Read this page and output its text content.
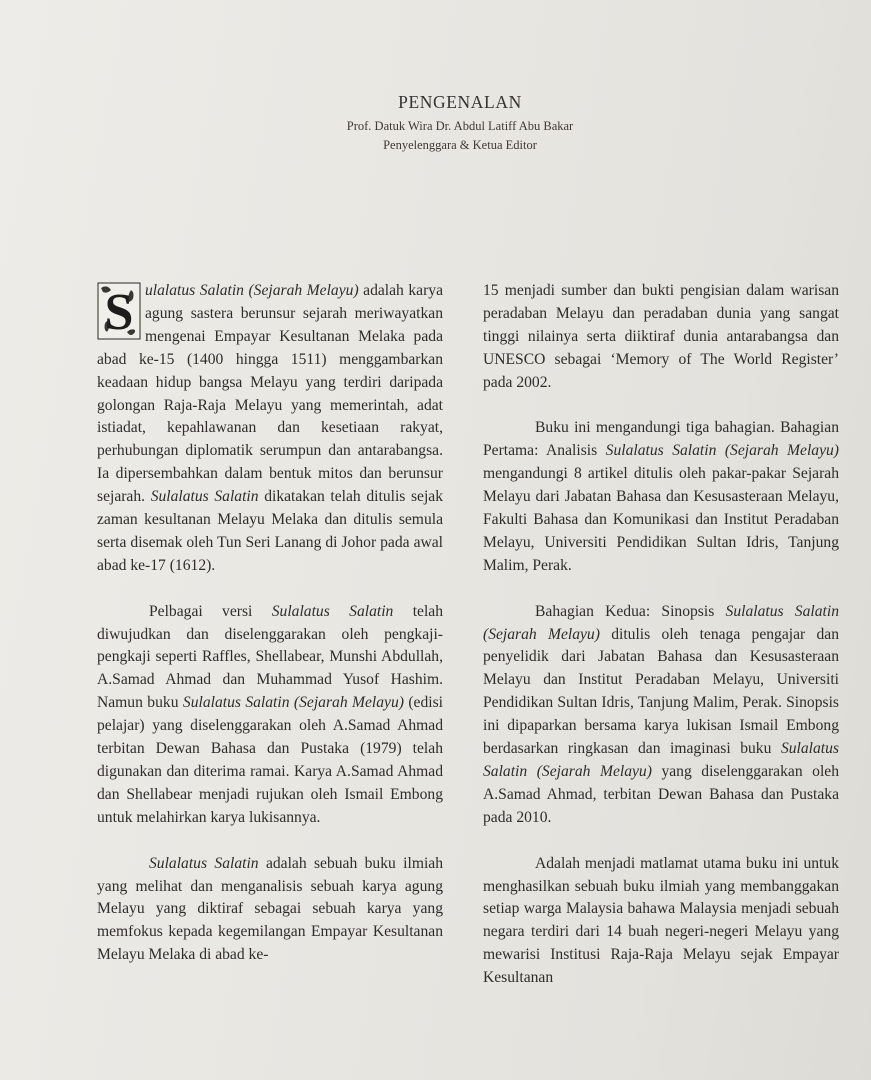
PENGENALAN
Prof. Datuk Wira Dr. Abdul Latiff Abu Bakar
Penyelenggara & Ketua Editor

S ulalatus Salatin (Sejarah Melayu) adalah karya agung sastera berunsur sejarah meriwayatkan mengenai Empayar Kesultanan Melaka pada abad ke-15 (1400 hingga 1511) menggambarkan keadaan hidup bangsa Melayu yang terdiri daripada golongan Raja-Raja Melayu yang memerintah, adat istiadat, kepahlawanan dan kesetiaan rakyat, perhubungan diplomatik serumpun dan antarabangsa. Ia dipersembahkan dalam bentuk mitos dan berunsur sejarah. Sulalatus Salatin dikatakan telah ditulis sejak zaman kesultanan Melayu Melaka dan ditulis semula serta disemak oleh Tun Seri Lanang di Johor pada awal abad ke-17 (1612).

Pelbagai versi Sulalatus Salatin telah diwujudkan dan diselenggarakan oleh pengkaji-pengkaji seperti Raffles, Shellabear, Munshi Abdullah, A.Samad Ahmad dan Muhammad Yusof Hashim. Namun buku Sulalatus Salatin (Sejarah Melayu) (edisi pelajar) yang diselenggarakan oleh A.Samad Ahmad terbitan Dewan Bahasa dan Pustaka (1979) telah digunakan dan diterima ramai. Karya A.Samad Ahmad dan Shellabear menjadi rujukan oleh Ismail Embong untuk melahirkan karya lukisannya.

Sulalatus Salatin adalah sebuah buku ilmiah yang melihat dan menganalisis sebuah karya agung Melayu yang diktiraf sebagai sebuah karya yang memfokus kepada kegemilangan Empayar Kesultanan Melayu Melaka di abad ke-

15 menjadi sumber dan bukti pengisian dalam warisan peradaban Melayu dan peradaban dunia yang sangat tinggi nilainya serta diiktiraf dunia antarabangsa dan UNESCO sebagai ‘Memory of The World Register’ pada 2002.

Buku ini mengandungi tiga bahagian. Bahagian Pertama: Analisis Sulalatus Salatin (Sejarah Melayu) mengandungi 8 artikel ditulis oleh pakar-pakar Sejarah Melayu dari Jabatan Bahasa dan Kesusasteraan Melayu, Fakulti Bahasa dan Komunikasi dan Institut Peradaban Melayu, Universiti Pendidikan Sultan Idris, Tanjung Malim, Perak.

Bahagian Kedua: Sinopsis Sulalatus Salatin (Sejarah Melayu) ditulis oleh tenaga pengajar dan penyelidik dari Jabatan Bahasa dan Kesusasteraan Melayu dan Institut Peradaban Melayu, Universiti Pendidikan Sultan Idris, Tanjung Malim, Perak. Sinopsis ini dipaparkan bersama karya lukisan Ismail Embong berdasarkan ringkasan dan imaginasi buku Sulalatus Salatin (Sejarah Melayu) yang diselenggarakan oleh A.Samad Ahmad, terbitan Dewan Bahasa dan Pustaka pada 2010.

Adalah menjadi matlamat utama buku ini untuk menghasilkan sebuah buku ilmiah yang membanggakan setiap warga Malaysia bahawa Malaysia menjadi sebuah negara terdiri dari 14 buah negeri-negeri Melayu yang mewarisi Institusi Raja-Raja Melayu sejak Empayar Kesultanan
